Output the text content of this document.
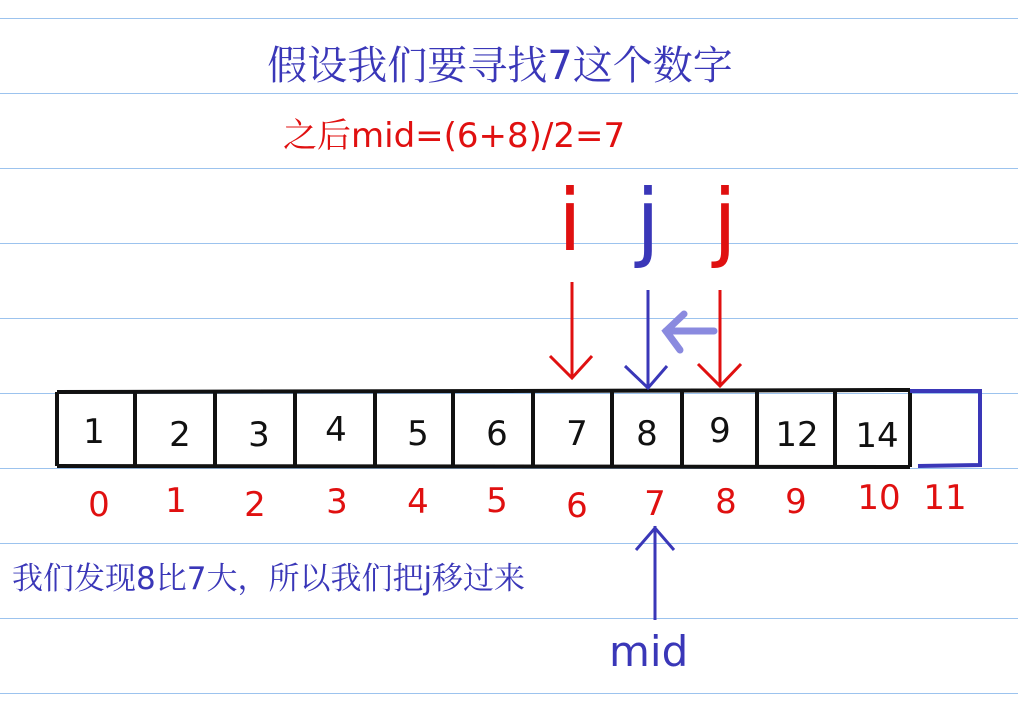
假设我们要寻找7这个数字
之后mid=(6+8)/2=7
i j j
1	2	3	4	5	6	7	8	9	12	14
0	1	2	3	4	5	6	7	8	9	10 11
我们发现8比7大，所以我们把j移过来
mid
